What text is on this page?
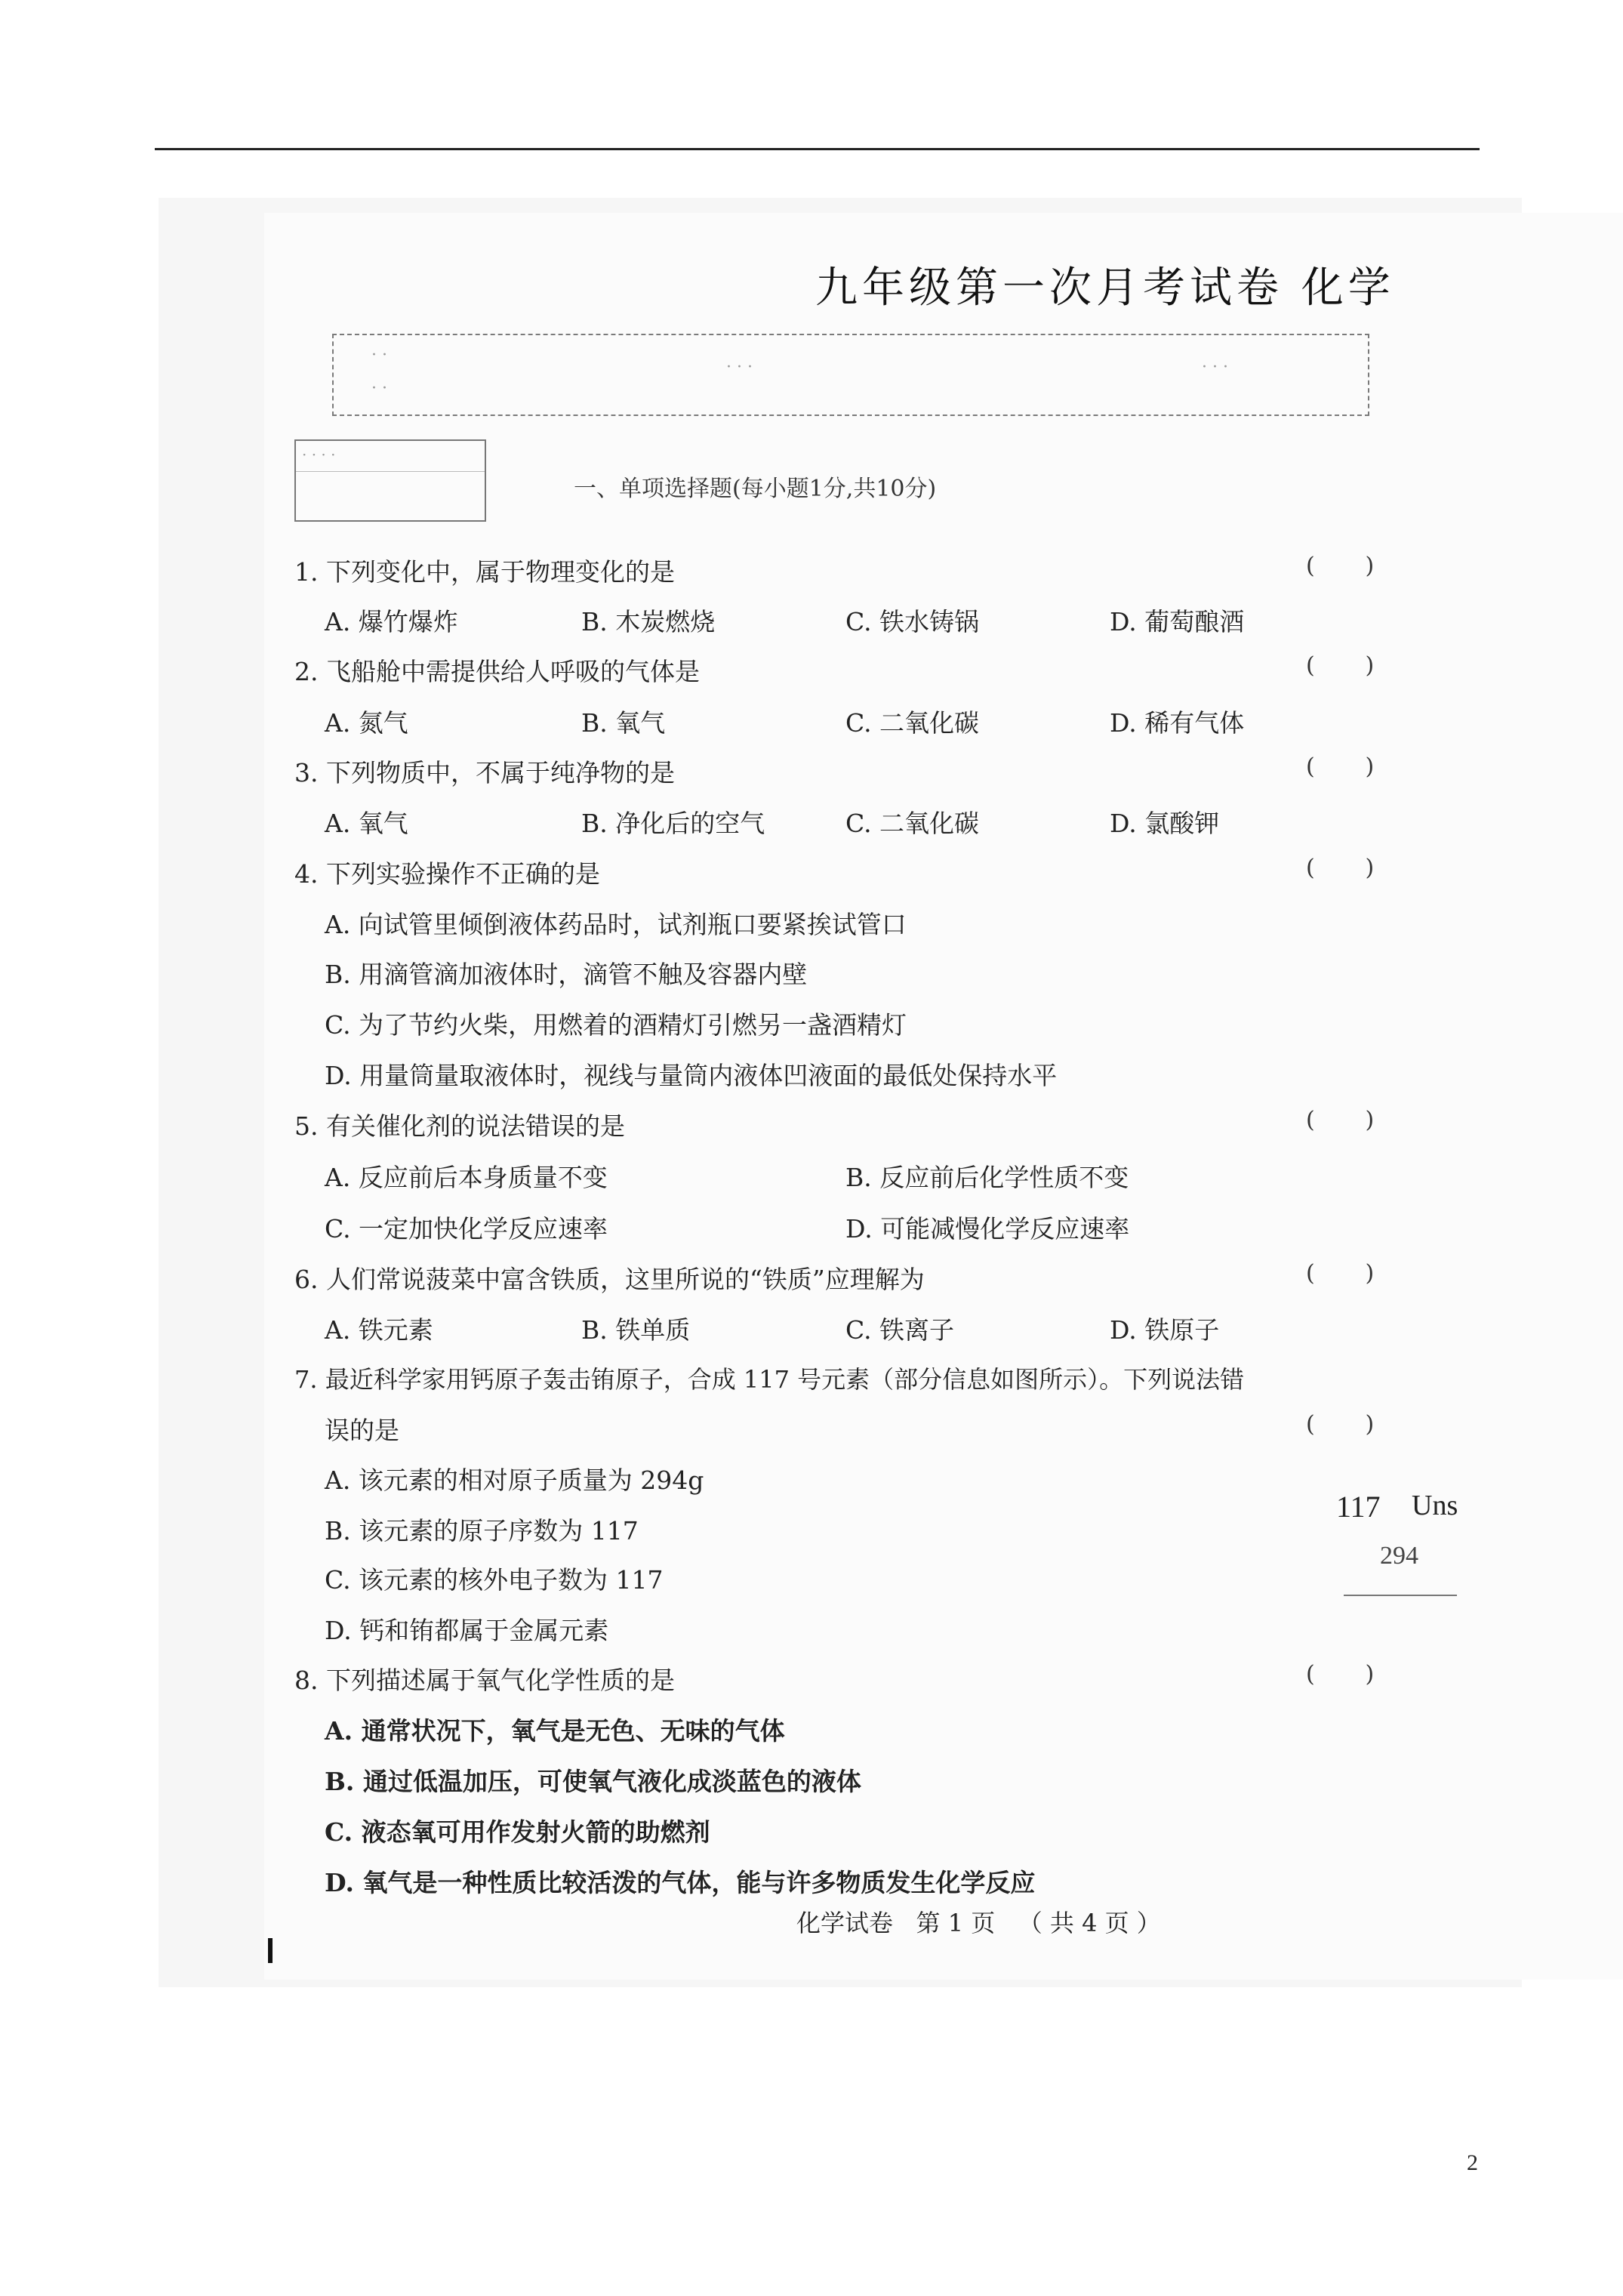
九年级第一次月考试卷 化学
· ·
· ·
· · ·	· · ·
· · · ·
一、单项选择题(每小题1分,共10分)
1. 下列变化中，属于物理变化的是	(       )
A. 爆竹爆炸	B. 木炭燃烧	C. 铁水铸锅	D. 葡萄酿酒
2. 飞船舱中需提供给人呼吸的气体是	(       )
A. 氮气	B. 氧气	C. 二氧化碳	D. 稀有气体
3. 下列物质中，不属于纯净物的是	(       )
A. 氧气	B. 净化后的空气	C. 二氧化碳	D. 氯酸钾
4. 下列实验操作不正确的是	(       )
A. 向试管里倾倒液体药品时，试剂瓶口要紧挨试管口
B. 用滴管滴加液体时，滴管不触及容器内壁
C. 为了节约火柴，用燃着的酒精灯引燃另一盏酒精灯
D. 用量筒量取液体时，视线与量筒内液体凹液面的最低处保持水平
5. 有关催化剂的说法错误的是	(       )
A. 反应前后本身质量不变	B. 反应前后化学性质不变
C. 一定加快化学反应速率	D. 可能减慢化学反应速率
6. 人们常说菠菜中富含铁质，这里所说的“铁质”应理解为	(       )
A. 铁元素	B. 铁单质	C. 铁离子	D. 铁原子
7. 最近科学家用钙原子轰击铕原子，合成 117 号元素（部分信息如图所示）。下列说法错
误的是	(       )
A. 该元素的相对原子质量为 294g
B. 该元素的原子序数为 117
C. 该元素的核外电子数为 117
D. 钙和铕都属于金属元素
117 Uns
294
8. 下列描述属于氧气化学性质的是	(       )
A. 通常状况下，氧气是无色、无味的气体
B. 通过低温加压，可使氧气液化成淡蓝色的液体
C. 液态氧可用作发射火箭的助燃剂
D. 氧气是一种性质比较活泼的气体，能与许多物质发生化学反应
化学试卷   第 1 页   （ 共 4 页 ）
2
